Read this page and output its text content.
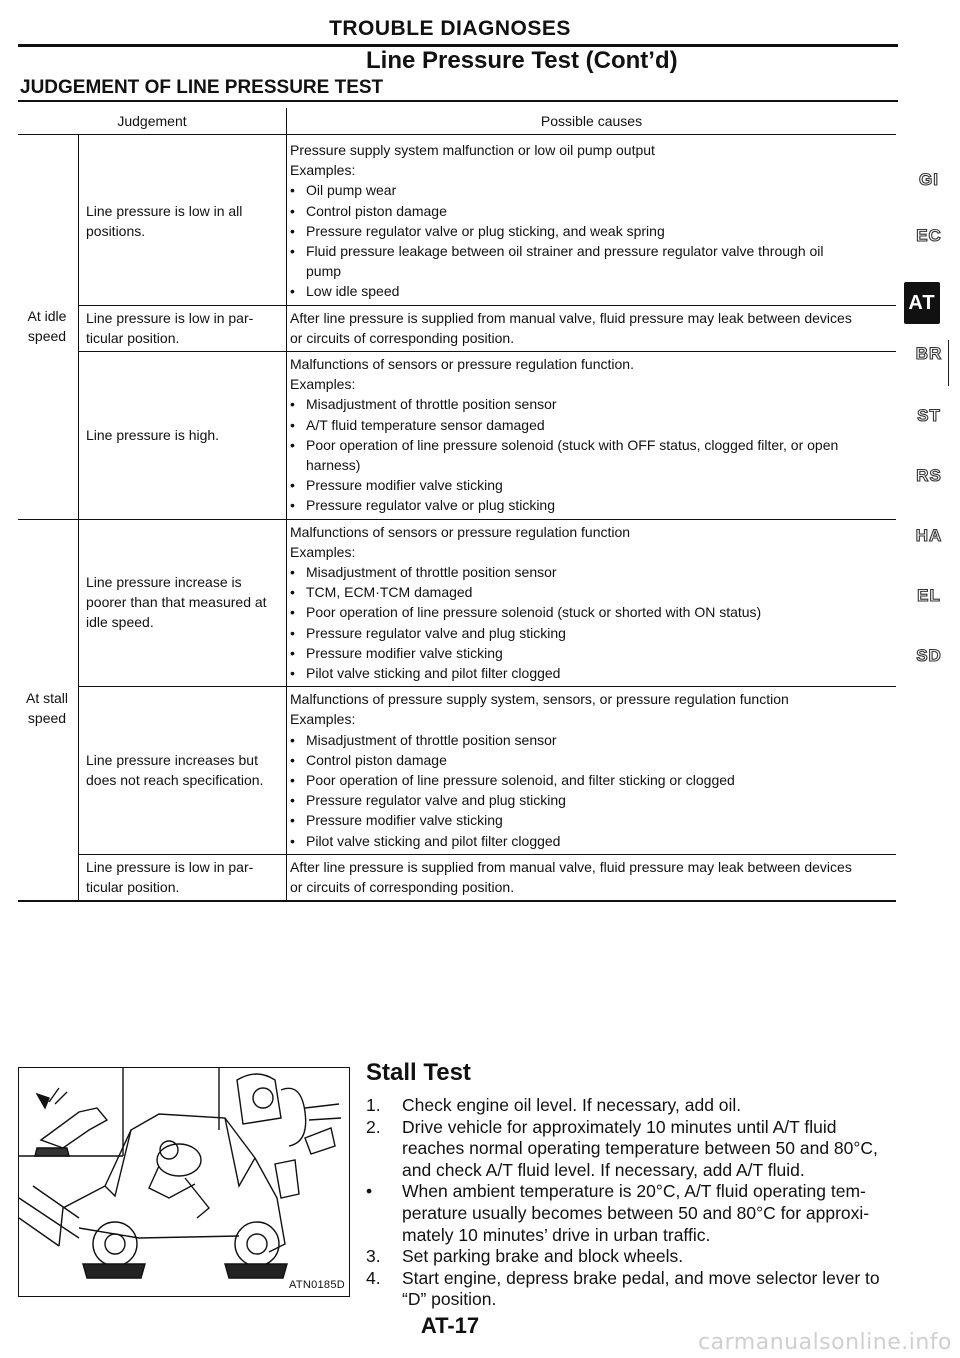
TROUBLE DIAGNOSES
Line Pressure Test (Cont’d)
JUDGEMENT OF LINE PRESSURE TEST
Judgement	Possible causes
Pressure supply system malfunction or low oil pump output
Examples:
• Oil pump wear
• Control piston damage
• Pressure regulator valve or plug sticking, and weak spring
• Fluid pressure leakage between oil strainer and pressure regulator valve through oil
pump
• Low idle speed
Line pressure is low in all
positions.
After line pressure is supplied from manual valve, fluid pressure may leak between devices
or circuits of corresponding position.
Line pressure is low in par-
ticular position.
Malfunctions of sensors or pressure regulation function.
Examples:
• Misadjustment of throttle position sensor
• A/T fluid temperature sensor damaged
• Poor operation of line pressure solenoid (stuck with OFF status, clogged filter, or open
harness)
• Pressure modifier valve sticking
• Pressure regulator valve or plug sticking
Line pressure is high.
Malfunctions of sensors or pressure regulation function
Examples:
• Misadjustment of throttle position sensor
• TCM, ECM·TCM damaged
• Poor operation of line pressure solenoid (stuck or shorted with ON status)
• Pressure regulator valve and plug sticking
• Pressure modifier valve sticking
• Pilot valve sticking and pilot filter clogged
Line pressure increase is
poorer than that measured at
idle speed.
Malfunctions of pressure supply system, sensors, or pressure regulation function
Examples:
• Misadjustment of throttle position sensor
• Control piston damage
• Poor operation of line pressure solenoid, and filter sticking or clogged
• Pressure regulator valve and plug sticking
• Pressure modifier valve sticking
• Pilot valve sticking and pilot filter clogged
Line pressure increases but
does not reach specification.
After line pressure is supplied from manual valve, fluid pressure may leak between devices
or circuits of corresponding position.
Line pressure is low in par-
ticular position.
At idle
speed
At stall
speed
GI
EC
AT
BR
ST
RS
HA
EL
SD
ATN0185D
Stall Test
1. Check engine oil level. If necessary, add oil.
2. Drive vehicle for approximately 10 minutes until A/T fluid
reaches normal operating temperature between 50 and 80°C,
and check A/T fluid level. If necessary, add A/T fluid.
• When ambient temperature is 20°C, A/T fluid operating tem-
perature usually becomes between 50 and 80°C for approxi-
mately 10 minutes’ drive in urban traffic.
3. Set parking brake and block wheels.
4. Start engine, depress brake pedal, and move selector lever to
“D” position.
AT-17
carmanualsonline.info
